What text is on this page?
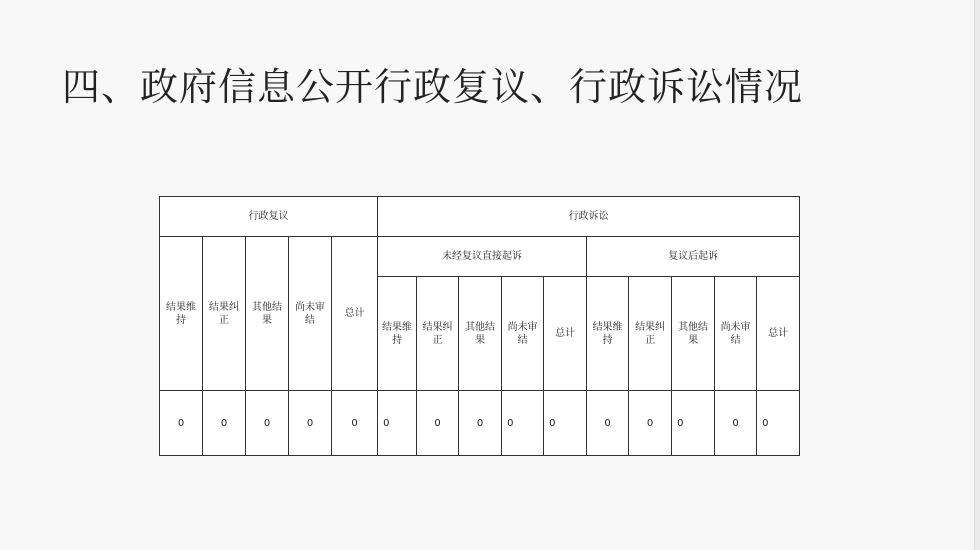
四、政府信息公开行政复议、行政诉讼情况
行政复议					行政诉讼									
结果维持	结果纠正	其他结果	尚未审结	总计	未经复议直接起诉					复议后起诉				
					结果维持	结果纠正	其他结果	尚未审结	总计	结果维持	结果纠正	其他结果	尚未审结	总计
0	0	0	0	0	0	0	0	0	0	0	0	0	0	0
